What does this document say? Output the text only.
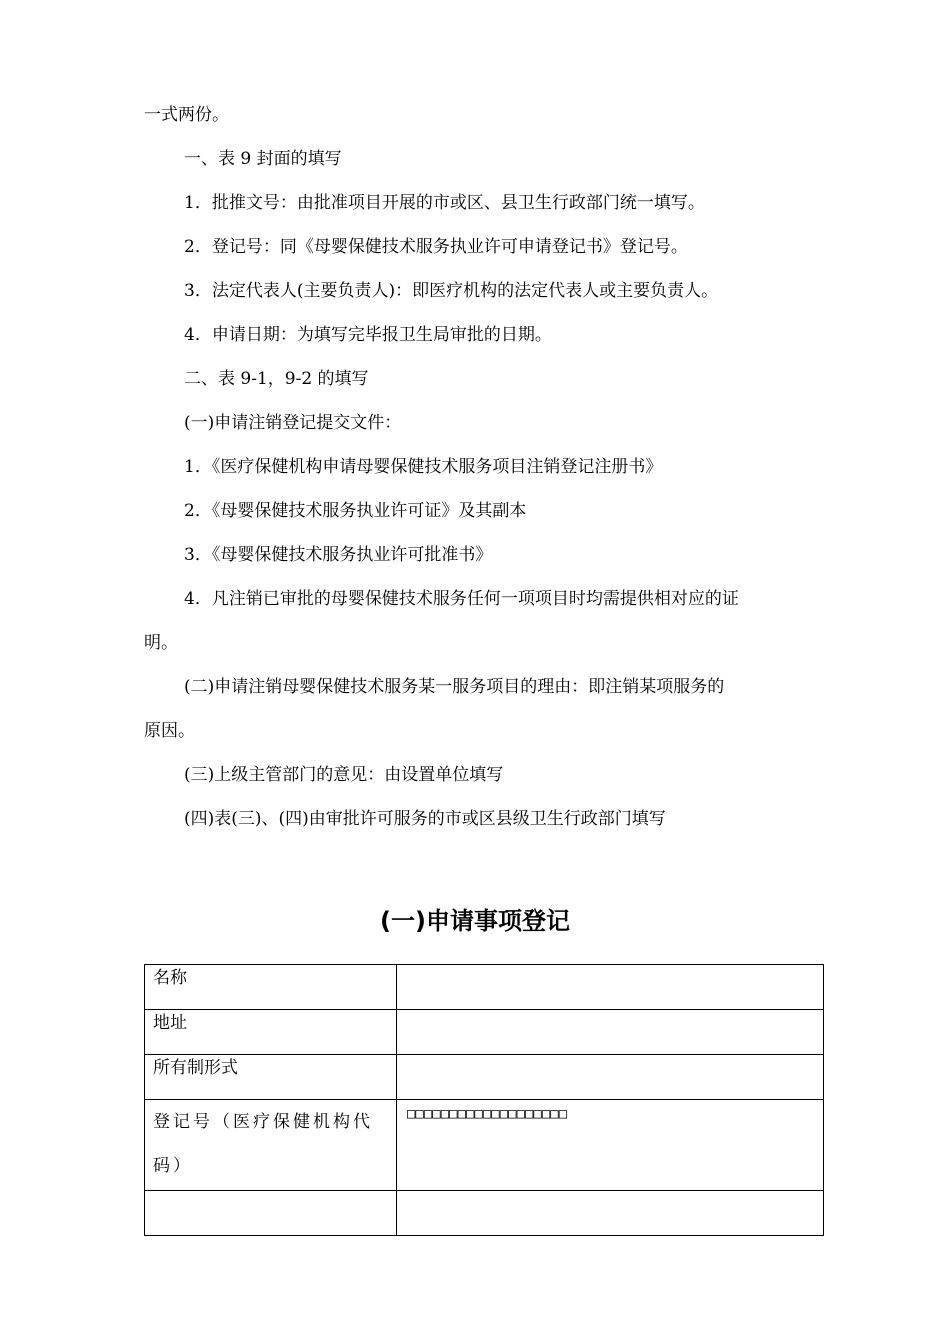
一式两份。
一、表 9 封面的填写
1．批推文号：由批准项目开展的市或区、县卫生行政部门统一填写。
2．登记号：同《母婴保健技术服务执业许可申请登记书》登记号。
3．法定代表人(主要负责人)：即医疗机构的法定代表人或主要负责人。
4．申请日期：为填写完毕报卫生局审批的日期。
二、表 9-1，9-2 的填写
(一)申请注销登记提交文件：
1．《医疗保健机构申请母婴保健技术服务项目注销登记注册书》
2．《母婴保健技术服务执业许可证》及其副本
3．《母婴保健技术服务执业许可批准书》
4．凡注销已审批的母婴保健技术服务任何一项项目时均需提供相对应的证
明。
(二)申请注销母婴保健技术服务某一服务项目的理由：即注销某项服务的
原因。
(三)上级主管部门的意见：由设置单位填写
(四)表(三)、(四)由审批许可服务的市或区县级卫生行政部门填写
(一)申请事项登记
名称	
地址	
所有制形式	
登记号（医疗保健机构代码）	□□□□□□□□□□□□□□□□□□□
